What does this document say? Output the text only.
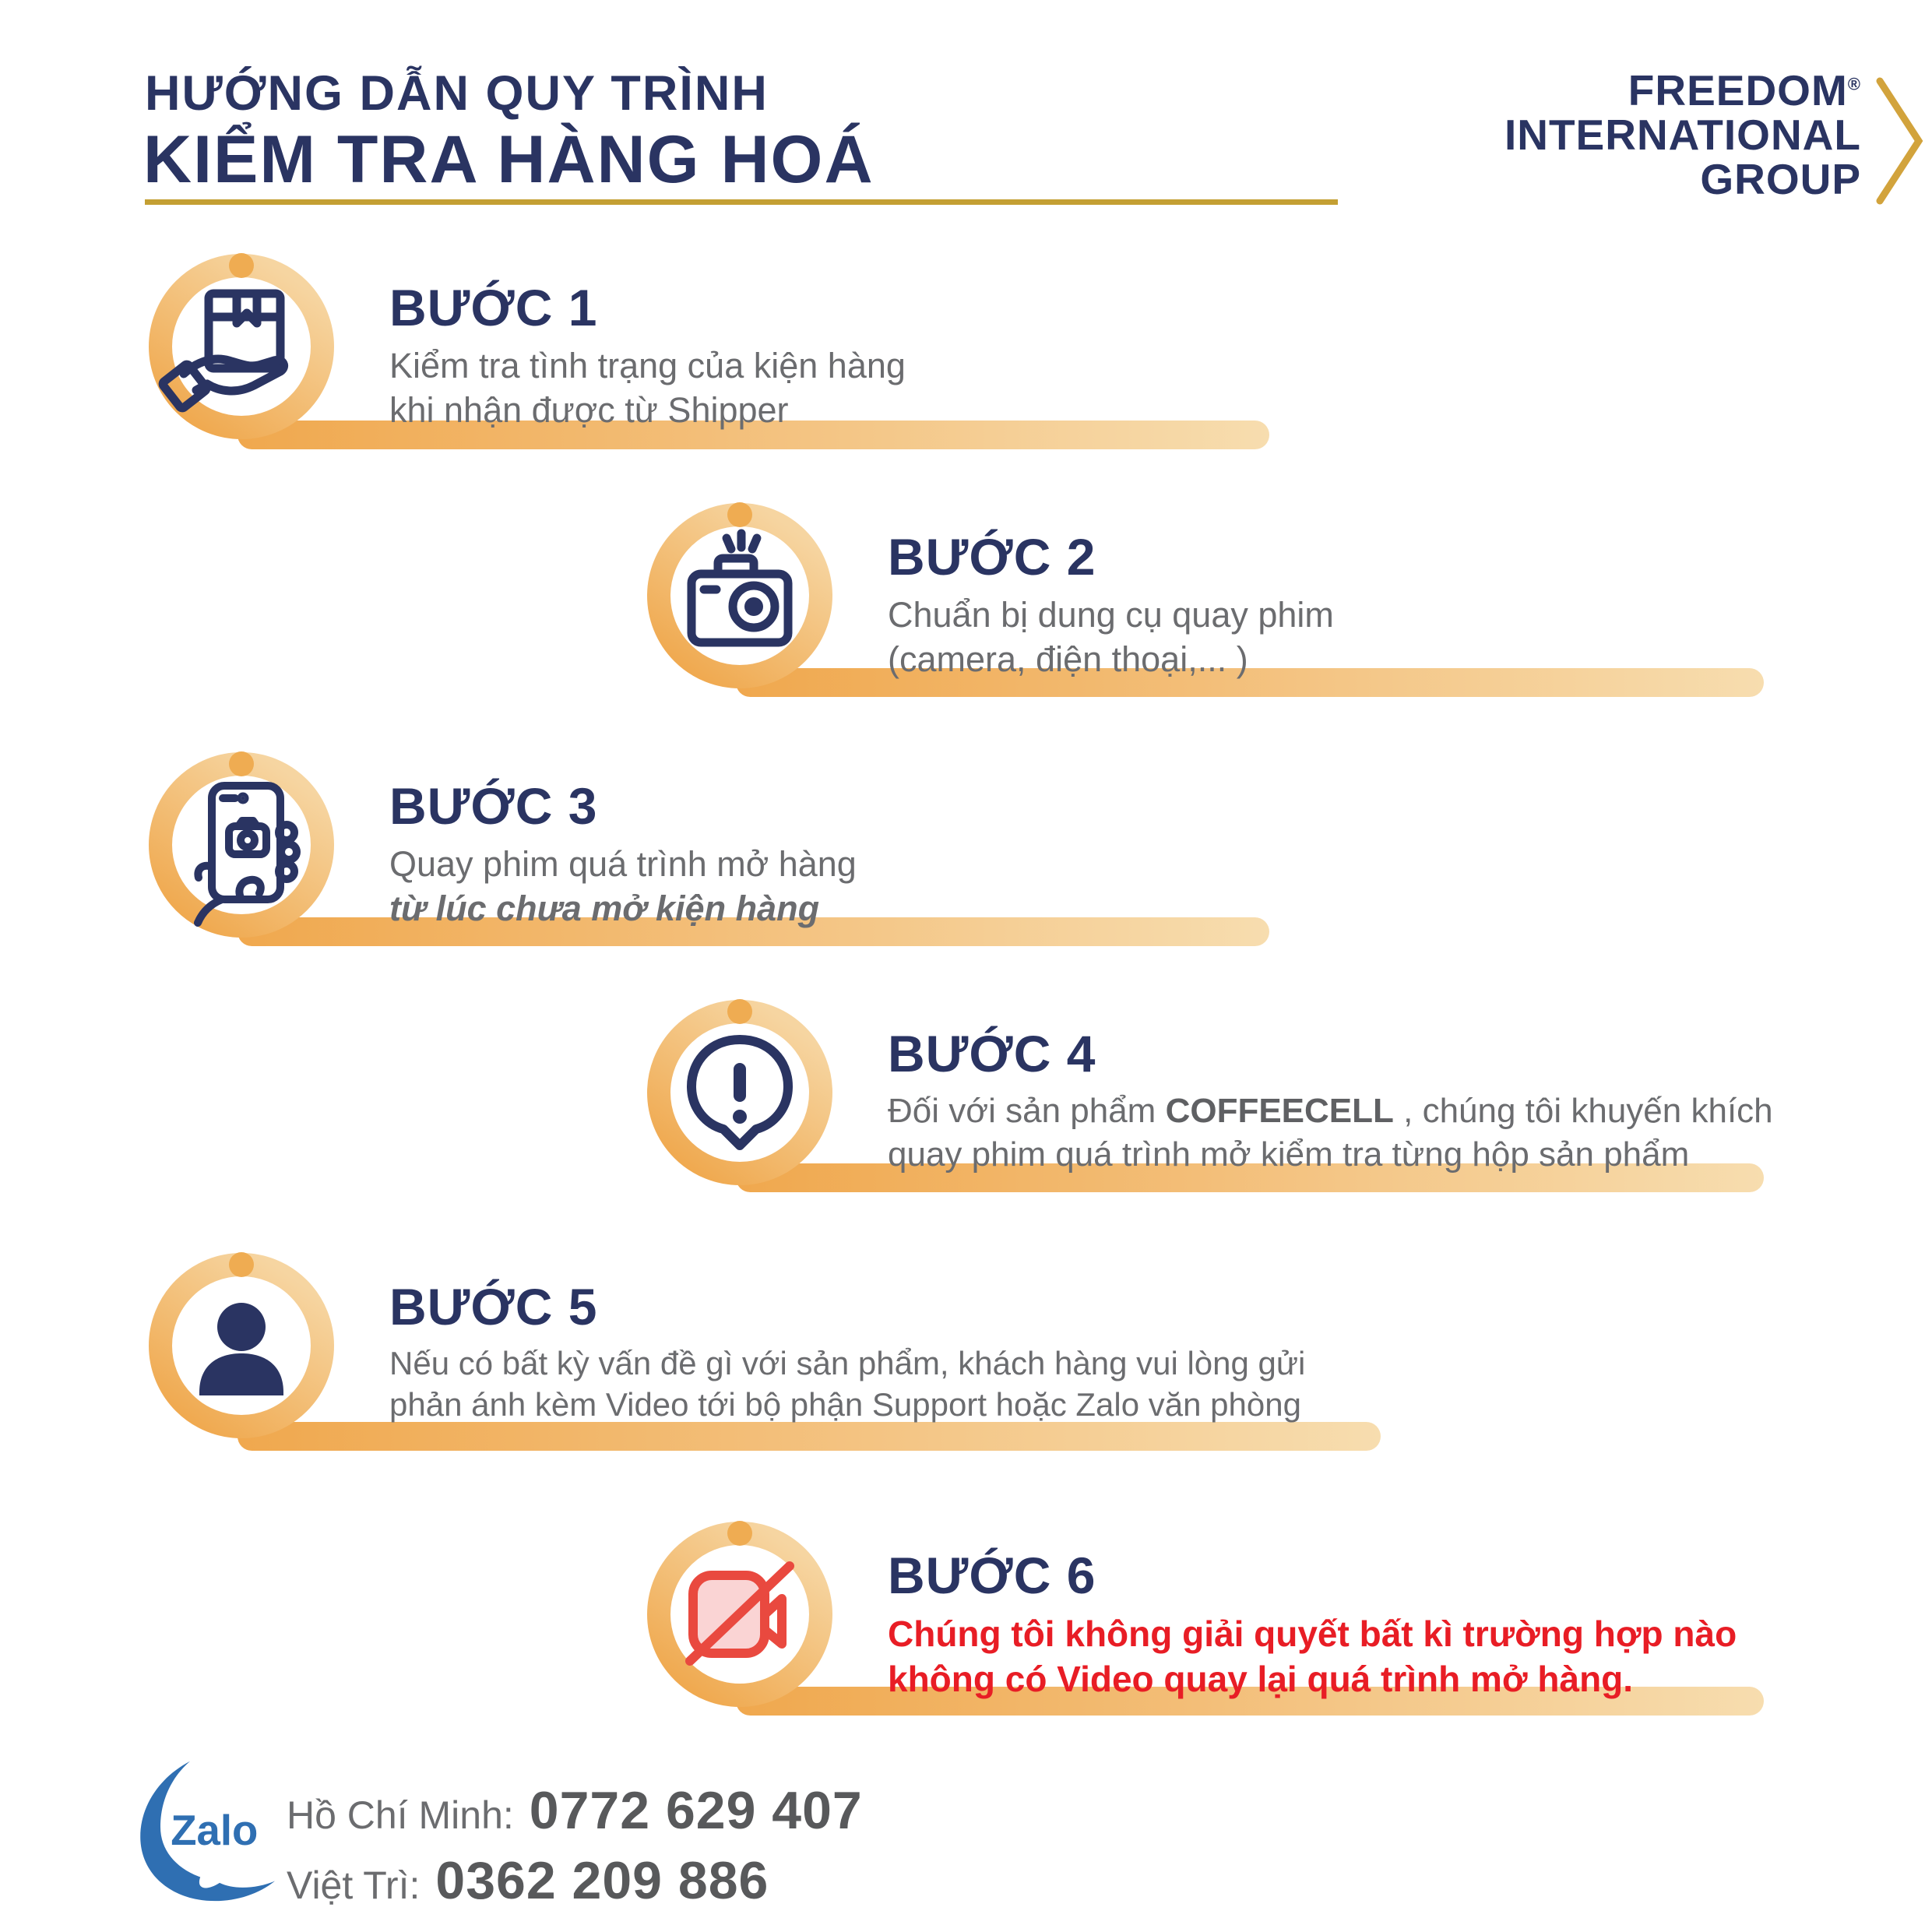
HƯỚNG DẪN QUY TRÌNH
KIỂM TRA HÀNG HOÁ
FREEDOM®
INTERNATIONAL
GROUP
BƯỚC 1
Kiểm tra tình trạng của kiện hàng
khi nhận được từ Shipper
BƯỚC 2
Chuẩn bị dung cụ quay phim
(camera, điện thoại,... )
BƯỚC 3
Quay phim quá trình mở hàng
từ lúc chưa mở kiện hàng
BƯỚC 4
Đối với sản phẩm COFFEECELL , chúng tôi khuyến khích
quay phim quá trình mở kiểm tra từng hộp sản phẩm
BƯỚC 5
Nếu có bất kỳ vấn đề gì với sản phẩm, khách hàng vui lòng gửi
phản ánh kèm Video tới bộ phận Support hoặc Zalo văn phòng
BƯỚC 6
Chúng tôi không giải quyết bất kì trường hợp nào
không có Video quay lại quá trình mở hàng.
Zalo Hồ Chí Minh: 0772 629 407
Việt Trì: 0362 209 886
